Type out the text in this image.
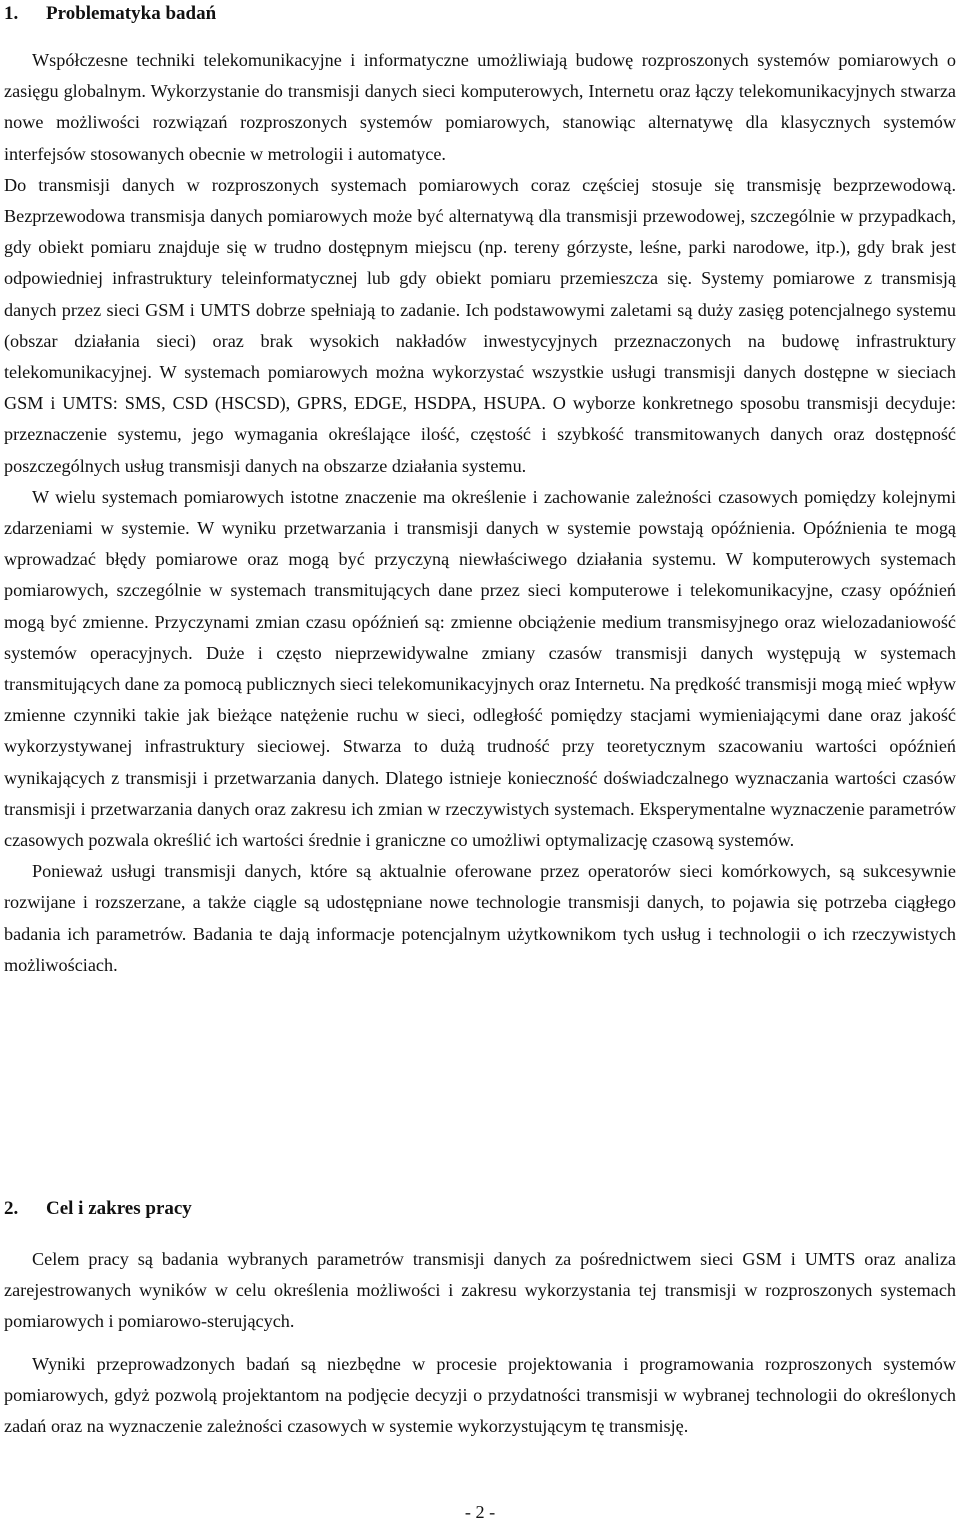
1. Problematyka badań

Współczesne techniki telekomunikacyjne i informatyczne umożliwiają budowę rozproszonych systemów pomiarowych o zasięgu globalnym. Wykorzystanie do transmisji danych sieci komputerowych, Internetu oraz łączy telekomunikacyjnych stwarza nowe możliwości rozwiązań rozproszonych systemów pomiarowych, stanowiąc alternatywę dla klasycznych systemów interfejsów stosowanych obecnie w metrologii i automatyce.

Do transmisji danych w rozproszonych systemach pomiarowych coraz częściej stosuje się transmisję bezprzewodową. Bezprzewodowa transmisja danych pomiarowych może być alternatywą dla transmisji przewodowej, szczególnie w przypadkach, gdy obiekt pomiaru znajduje się w trudno dostępnym miejscu (np. tereny górzyste, leśne, parki narodowe, itp.), gdy brak jest odpowiedniej infrastruktury teleinformatycznej lub gdy obiekt pomiaru przemieszcza się. Systemy pomiarowe z transmisją danych przez sieci GSM i UMTS dobrze spełniają to zadanie. Ich podstawowymi zaletami są duży zasięg potencjalnego systemu (obszar działania sieci) oraz brak wysokich nakładów inwestycyjnych przeznaczonych na budowę infrastruktury telekomunikacyjnej. W systemach pomiarowych można wykorzystać wszystkie usługi transmisji danych dostępne w sieciach GSM i UMTS: SMS, CSD (HSCSD), GPRS, EDGE, HSDPA, HSUPA. O wyborze konkretnego sposobu transmisji decyduje: przeznaczenie systemu, jego wymagania określające ilość, częstość i szybkość transmitowanych danych oraz dostępność poszczególnych usług transmisji danych na obszarze działania systemu.

W wielu systemach pomiarowych istotne znaczenie ma określenie i zachowanie zależności czasowych pomiędzy kolejnymi zdarzeniami w systemie. W wyniku przetwarzania i transmisji danych w systemie powstają opóźnienia. Opóźnienia te mogą wprowadzać błędy pomiarowe oraz mogą być przyczyną niewłaściwego działania systemu. W komputerowych systemach pomiarowych, szczególnie w systemach transmitujących dane przez sieci komputerowe i telekomunikacyjne, czasy opóźnień mogą być zmienne. Przyczynami zmian czasu opóźnień są: zmienne obciążenie medium transmisyjnego oraz wielozadaniowość systemów operacyjnych. Duże i często nieprzewidywalne zmiany czasów transmisji danych występują w systemach transmitujących dane za pomocą publicznych sieci telekomunikacyjnych oraz Internetu. Na prędkość transmisji mogą mieć wpływ zmienne czynniki takie jak bieżące natężenie ruchu w sieci, odległość pomiędzy stacjami wymieniającymi dane oraz jakość wykorzystywanej infrastruktury sieciowej. Stwarza to dużą trudność przy teoretycznym szacowaniu wartości opóźnień wynikających z transmisji i przetwarzania danych. Dlatego istnieje konieczność doświadczalnego wyznaczania wartości czasów transmisji i przetwarzania danych oraz zakresu ich zmian w rzeczywistych systemach. Eksperymentalne wyznaczenie parametrów czasowych pozwala określić ich wartości średnie i graniczne co umożliwi optymalizację czasową systemów.

Ponieważ usługi transmisji danych, które są aktualnie oferowane przez operatorów sieci komórkowych, są sukcesywnie rozwijane i rozszerzane, a także ciągle są udostępniane nowe technologie transmisji danych, to pojawia się potrzeba ciągłego badania ich parametrów. Badania te dają informacje potencjalnym użytkownikom tych usług i technologii o ich rzeczywistych możliwościach.

2. Cel i zakres pracy

Celem pracy są badania wybranych parametrów transmisji danych za pośrednictwem sieci GSM i UMTS oraz analiza zarejestrowanych wyników w celu określenia możliwości i zakresu wykorzystania tej transmisji w rozproszonych systemach pomiarowych i pomiarowo-sterujących.

Wyniki przeprowadzonych badań są niezbędne w procesie projektowania i programowania rozproszonych systemów pomiarowych, gdyż pozwolą projektantom na podjęcie decyzji o przydatności transmisji w wybranej technologii do określonych zadań oraz na wyznaczenie zależności czasowych w systemie wykorzystującym tę transmisję.

- 2 -
